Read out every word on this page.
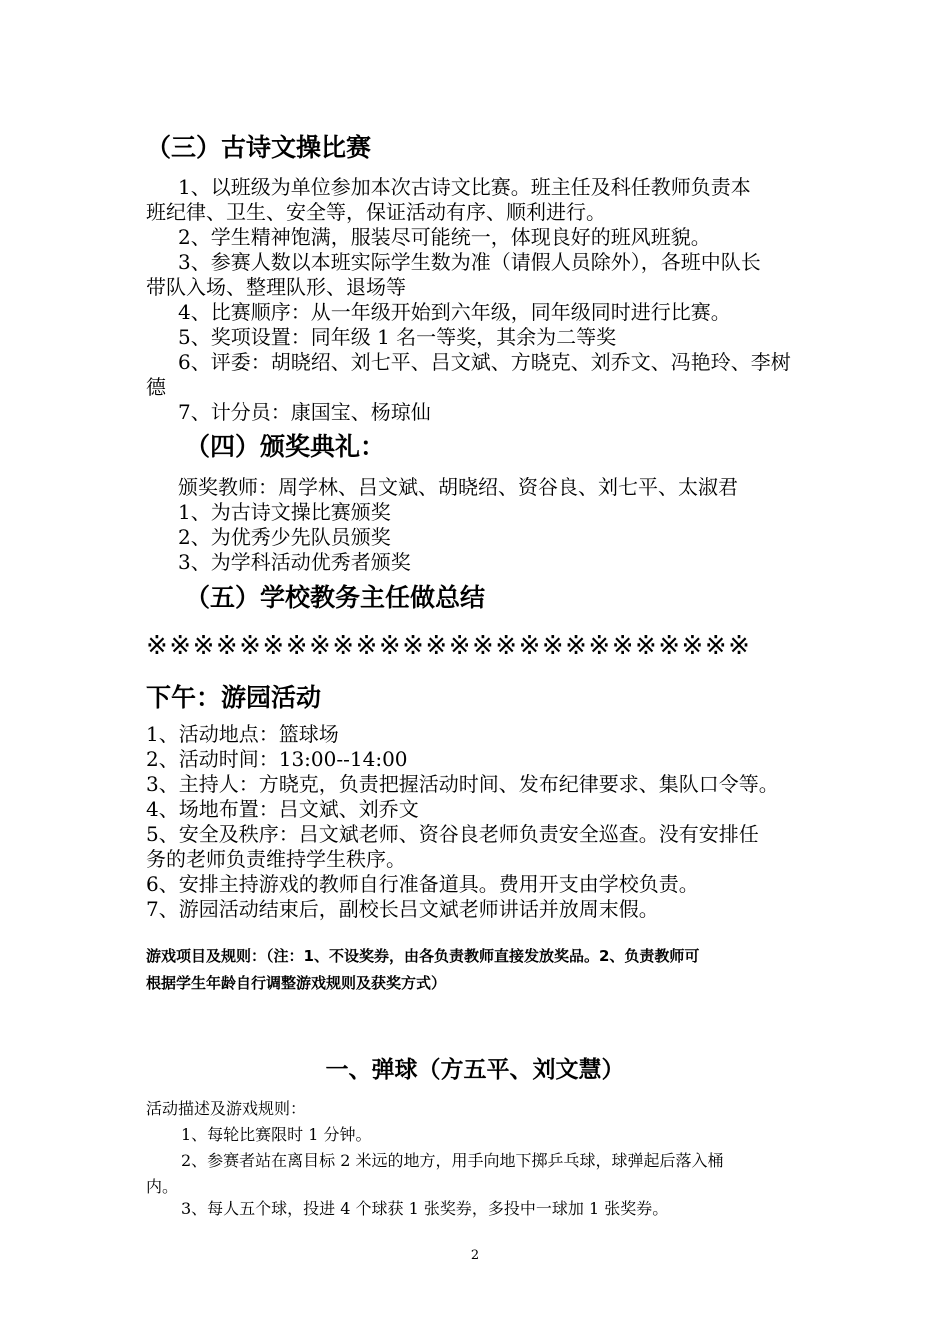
（三）古诗文操比赛
1、以班级为单位参加本次古诗文比赛。班主任及科任教师负责本
班纪律、卫生、安全等，保证活动有序、顺利进行。
2、学生精神饱满，服装尽可能统一，体现良好的班风班貌。
3、参赛人数以本班实际学生数为准（请假人员除外），各班中队长
带队入场、整理队形、退场等
4、比赛顺序：从一年级开始到六年级，同年级同时进行比赛。
5、奖项设置：同年级 1 名一等奖，其余为二等奖
6、评委：胡晓绍、刘七平、吕文斌、方晓克、刘乔文、冯艳玲、李树
德
7、计分员：康国宝、杨琼仙
（四）颁奖典礼：
颁奖教师：周学林、吕文斌、胡晓绍、资谷良、刘七平、太淑君
1、为古诗文操比赛颁奖
2、为优秀少先队员颁奖
3、为学科活动优秀者颁奖
（五）学校教务主任做总结
※※※※※※※※※※※※※※※※※※※※※※※※※※
下午：游园活动
1、活动地点：篮球场
2、活动时间：13:00--14:00
3、主持人：方晓克，负责把握活动时间、发布纪律要求、集队口令等。
4、场地布置：吕文斌、刘乔文
5、安全及秩序：吕文斌老师、资谷良老师负责安全巡查。没有安排任
务的老师负责维持学生秩序。
6、安排主持游戏的教师自行准备道具。费用开支由学校负责。
7、游园活动结束后，副校长吕文斌老师讲话并放周末假。
游戏项目及规则：（注：1、不设奖券，由各负责教师直接发放奖品。2、负责教师可
根据学生年龄自行调整游戏规则及获奖方式）
一、弹球（方五平、刘文慧）
活动描述及游戏规则：
1、每轮比赛限时 1 分钟。
2、参赛者站在离目标 2 米远的地方，用手向地下掷乒乓球，球弹起后落入桶
内。
3、每人五个球，投进 4 个球获 1 张奖券，多投中一球加 1 张奖券。
2
